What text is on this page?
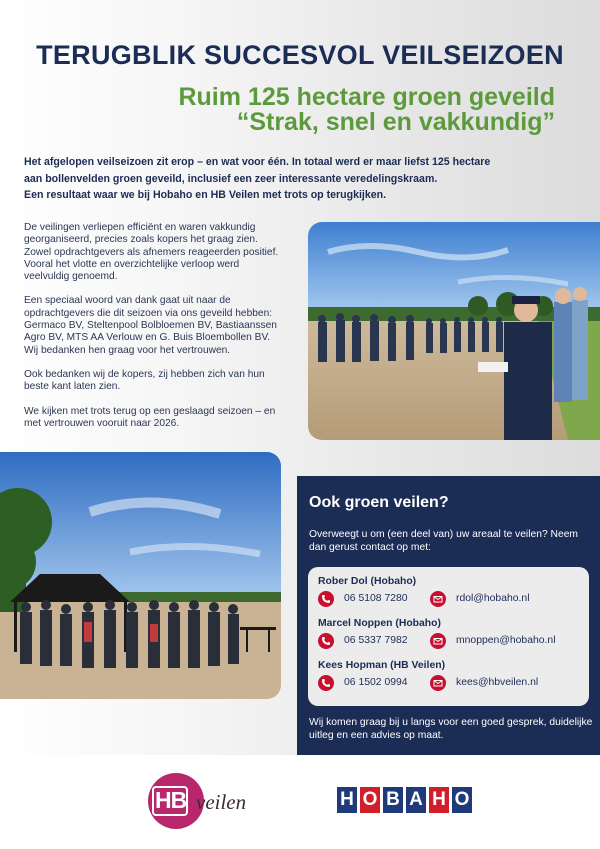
TERUGBLIK SUCCESVOL VEILSEIZOEN
Ruim 125 hectare groen geveild
“Strak, snel en vakkundig”

Het afgelopen veilseizoen zit erop – en wat voor één. In totaal werd er maar liefst 125 hectare

aan bollenvelden groen geveild, inclusief een zeer interessante veredelingskraam.

Een resultaat waar we bij Hobaho en HB Veilen met trots op terugkijken.

De veilingen verliepen efficiënt en waren vakkundig georganiseerd, precies zoals kopers het graag zien. Zowel opdrachtgevers als afnemers reageerden positief. Vooral het vlotte en overzichtelijke verloop werd veelvuldig genoemd.

Een speciaal woord van dank gaat uit naar de opdrachtgevers die dit seizoen via ons geveild hebben: Germaco BV, Steltenpool Bolbloemen BV, Bastiaanssen Agro BV, MTS AA Verlouw en G. Buis Bloembollen BV. Wij bedanken hen graag voor het vertrouwen.

Ook bedanken wij de kopers, zij hebben zich van hun beste kant laten zien.

We kijken met trots terug op een geslaagd seizoen – en met vertrouwen vooruit naar 2026.

Ook groen veilen?
Overweegt u om (een deel van) uw areaal te veilen? Neem dan gerust contact op met:
Rober Dol (Hobaho)
06 5108 7280	rdol@hobaho.nl
Marcel Noppen (Hobaho)
06 5337 7982	mnoppen@hobaho.nl
Kees Hopman (HB Veilen)
06 1502 0994	kees@hbveilen.nl
Wij komen graag bij u langs voor een goed gesprek, duidelijke uitleg en een advies op maat.
HB veilen	H O B A H O
